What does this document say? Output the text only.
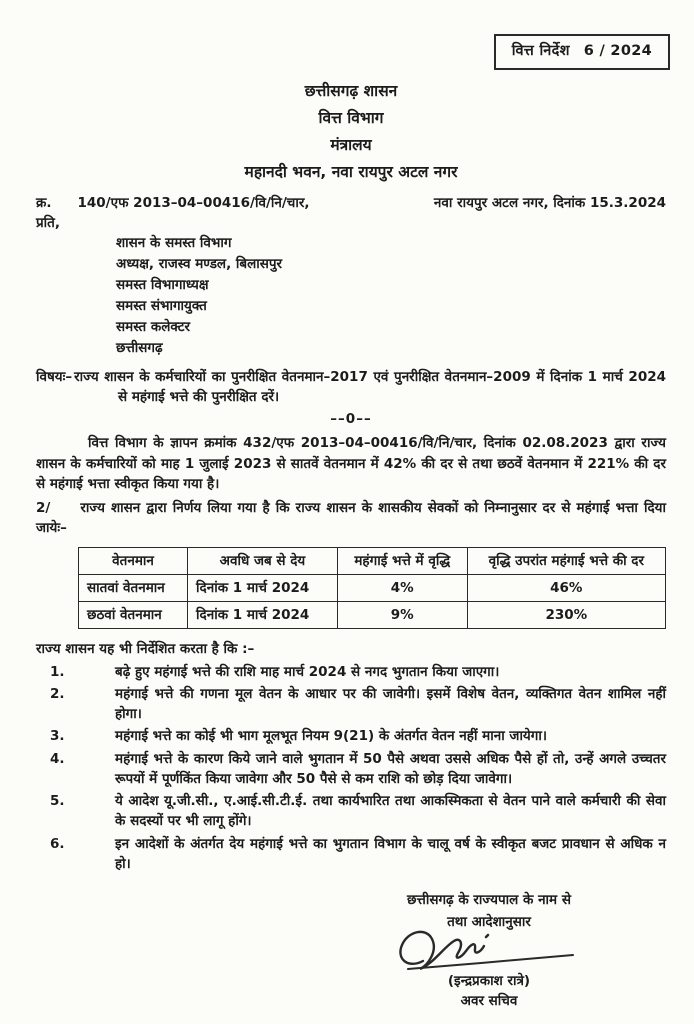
वित्त निर्देश 6 / 2024
छत्तीसगढ़ शासन
वित्त विभाग
मंत्रालय
महानदी भवन, नवा रायपुर अटल नगर
क्र. 140/एफ 2013–04–00416/वि/नि/चार,	नवा रायपुर अटल नगर, दिनांक 15.3.2024
प्रति,
शासन के समस्त विभाग
अध्यक्ष, राजस्व मण्डल, बिलासपुर
समस्त विभागाध्यक्ष
समस्त संभागायुक्त
समस्त कलेक्टर
छत्तीसगढ़

विषयः– राज्य शासन के कर्मचारियों का पुनरीक्षित वेतनमान–2017 एवं पुनरीक्षित वेतनमान–2009 में दिनांक 1 मार्च 2024 से महंगाई भत्ते की पुनरीक्षित दरें।

––0––

वित्त विभाग के ज्ञापन क्रमांक 432/एफ 2013–04–00416/वि/नि/चार, दिनांक 02.08.2023 द्वारा राज्य शासन के कर्मचारियों को माह 1 जुलाई 2023 से सातवें वेतनमान में 42% की दर से तथा छठवें वेतनमान में 221% की दर से महंगाई भत्ता स्वीकृत किया गया है।

2/ राज्य शासन द्वारा निर्णय लिया गया है कि राज्य शासन के शासकीय सेवकों को निम्नानुसार दर से महंगाई भत्ता दिया जायेः–

वेतनमान	अवधि जब से देय	महंगाई भत्ते में वृद्धि	वृद्धि उपरांत महंगाई भत्ते की दर
सातवां वेतनमान	दिनांक 1 मार्च 2024	4%	46%
छठवां वेतनमान	दिनांक 1 मार्च 2024	9%	230%
राज्य शासन यह भी निर्देशित करता है कि :–
1.	बढ़े हुए महंगाई भत्ते की राशि माह मार्च 2024 से नगद भुगतान किया जाएगा।
2.	महंगाई भत्ते की गणना मूल वेतन के आधार पर की जावेगी। इसमें विशेष वेतन, व्यक्तिगत वेतन शामिल नहीं होगा।
3.	महंगाई भत्ते का कोई भी भाग मूलभूत नियम 9(21) के अंतर्गत वेतन नहीं माना जायेगा।
4.	महंगाई भत्ते के कारण किये जाने वाले भुगतान में 50 पैसे अथवा उससे अधिक पैसे हों तो, उन्हें अगले उच्चतर रूपयों में पूर्णकिंत किया जावेगा और 50 पैसे से कम राशि को छोड़ दिया जावेगा।
5.	ये आदेश यू.जी.सी., ए.आई.सी.टी.ई. तथा कार्यभारित तथा आकस्मिकता से वेतन पाने वाले कर्मचारी की सेवा के सदस्यों पर भी लागू होंगे।
6.	इन आदेशों के अंतर्गत देय महंगाई भत्ते का भुगतान विभाग के चालू वर्ष के स्वीकृत बजट प्रावधान से अधिक न हो।
छत्तीसगढ़ के राज्यपाल के नाम से
तथा आदेशानुसार
(इन्द्रप्रकाश रात्रे)
अवर सचिव
